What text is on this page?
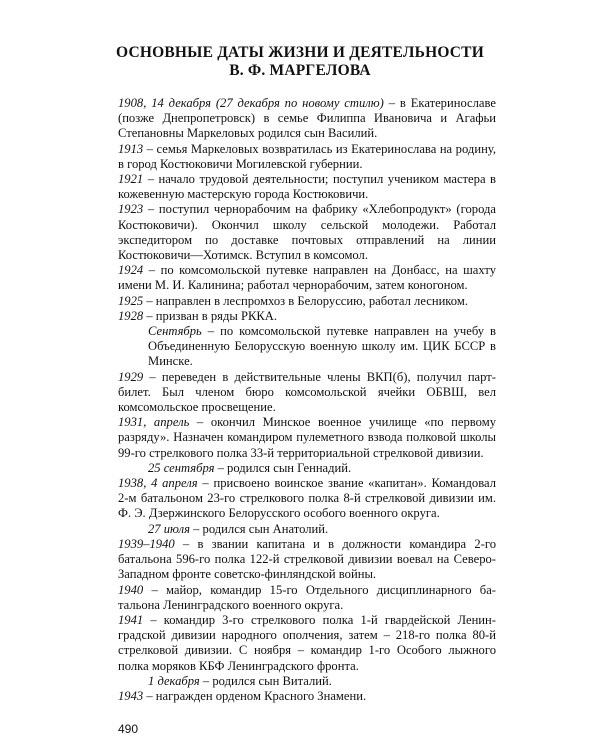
ОСНОВНЫЕ ДАТЫ ЖИЗНИ И ДЕЯТЕЛЬНОСТИ
В. Ф. МАРГЕЛОВА
1908, 14 декабря (27 декабря по новому стилю) – в Екатеринославе (позже Днепропетровск) в семье Филиппа Ивановича и Агафьи Степановны Маркеловых родился сын Василий.
1913 – семья Маркеловых возвратилась из Екатеринослава на родину, в город Костюковичи Могилевской губернии.
1921 – начало трудовой деятельности; поступил учеником мастера в кожевенную мастерскую города Костюковичи.
1923 – поступил чернорабочим на фабрику «Хлебопродукт» (города Костюковичи). Окончил школу сельской молодежи. Работал экспедитором по доставке почтовых отправлений на линии Костюковичи—Хотимск. Вступил в комсомол.
1924 – по комсомольской путевке направлен на Донбасс, на шахту имени М. И. Калинина; работал чернорабочим, затем коногоном.
1925 – направлен в леспромхоз в Белоруссию, работал лесником.
1928 – призван в ряды РККА.
Сентябрь – по комсомольской путевке направлен на учебу в Объединенную Белорусскую военную школу им. ЦИК БССР в Минске.
1929 – переведен в действительные члены ВКП(б), получил партбилет. Был членом бюро комсомольской ячейки ОБВШ, вел комсомольское просвещение.
1931, апрель – окончил Минское военное училище «по первому разряду». Назначен командиром пулеметного взвода полковой школы 99-го стрелкового полка 33-й территориальной стрелковой дивизии.
25 сентября – родился сын Геннадий.
1938, 4 апреля – присвоено воинское звание «капитан». Командовал 2-м батальоном 23-го стрелкового полка 8-й стрелковой дивизии им. Ф. Э. Дзержинского Белорусского особого военного округа.
27 июля – родился сын Анатолий.
1939–1940 – в звании капитана и в должности командира 2-го батальона 596-го полка 122-й стрелковой дивизии воевал на Северо-Западном фронте советско-финляндской войны.
1940 – майор, командир 15-го Отдельного дисциплинарного батальона Ленинградского военного округа.
1941 – командир 3-го стрелкового полка 1-й гвардейской Ленинградской дивизии народного ополчения, затем – 218-го полка 80-й стрелковой дивизии. С ноября – командир 1-го Особого лыжного полка моряков КБФ Ленинградского фронта.
1 декабря – родился сын Виталий.
1943 – награжден орденом Красного Знамени.
490
